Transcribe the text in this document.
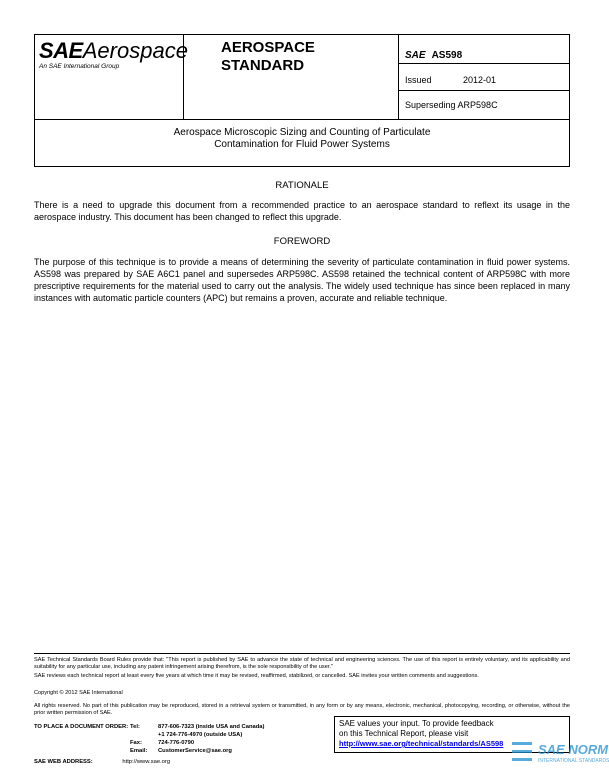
SAEAerospace
An SAE International Group
AEROSPACE
STANDARD
SAE AS598
Issued	2012-01
Superseding ARP598C
Aerospace Microscopic Sizing and Counting of Particulate
Contamination for Fluid Power Systems
RATIONALE
There is a need to upgrade this document from a recommended practice to an aerospace standard to reflext its usage in the aerospace industry. This document has been changed to reflect this upgrade.
FOREWORD
The purpose of this technique is to provide a means of determining the severity of particulate contamination in fluid power systems. AS598 was prepared by SAE A6C1 panel and supersedes ARP598C. AS598 retained the technical content of ARP598C with more prescriptive requirements for the material used to carry out the analysis. The widely used technique has since been replaced in many instances with automatic particle counters (APC) but remains a proven, accurate and reliable technique.
SAE Technical Standards Board Rules provide that: "This report is published by SAE to advance the state of technical and engineering sciences. The use of this report is entirely voluntary, and its applicability and suitability for any particular use, including any patent infringement arising therefrom, is the sole responsibility of the user."
SAE reviews each technical report at least every five years at which time it may be revised, reaffirmed, stabilized, or cancelled. SAE invites your written comments and suggestions.
Copyright © 2012 SAE International
All rights reserved. No part of this publication may be reproduced, stored in a retrieval system or transmitted, in any form or by any means, electronic, mechanical, photocopying, recording, or otherwise, without the prior written permission of SAE.
TO PLACE A DOCUMENT ORDER: Tel:	877-606-7323 (inside USA and Canada)
+1 724-776-4970 (outside USA)
Fax:	724-776-0790
Email: CustomerService@sae.org
SAE WEB ADDRESS:	http://www.sae.org
SAE values your input. To provide feedback
on this Technical Report, please visit
http://www.sae.org/technical/standards/AS598	SAE NORM
INTERNATIONAL STANDARDS
